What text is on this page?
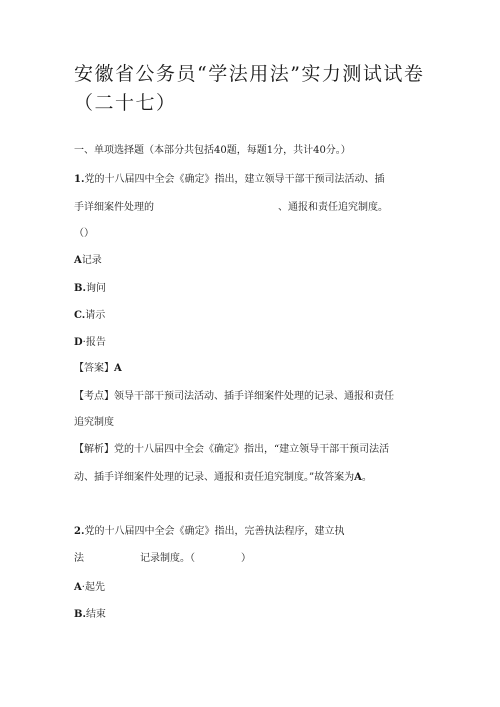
安徽省公务员“学法用法”实力测试试卷（二十七）
一、单项选择题（本部分共包括40题，每题1分，共计40分。）
1.党的十八届四中全会《确定》指出，建立领导干部干预司法活动、插
手详细案件处理的	、通报和责任追究制度。
（）
A记录
B.询问
C.请示
D·报告
【答案】A
【考点】领导干部干预司法活动、插手详细案件处理的记录、通报和责任
追究制度
【解析】党的十八届四中全会《确定》指出，“建立领导干部干预司法活
动、插手详细案件处理的记录、通报和责任追究制度。”故答案为A。
2.党的十八届四中全会《确定》指出，完善执法程序，建立执
法	记录制度。（	）
A·起先
B.结束
